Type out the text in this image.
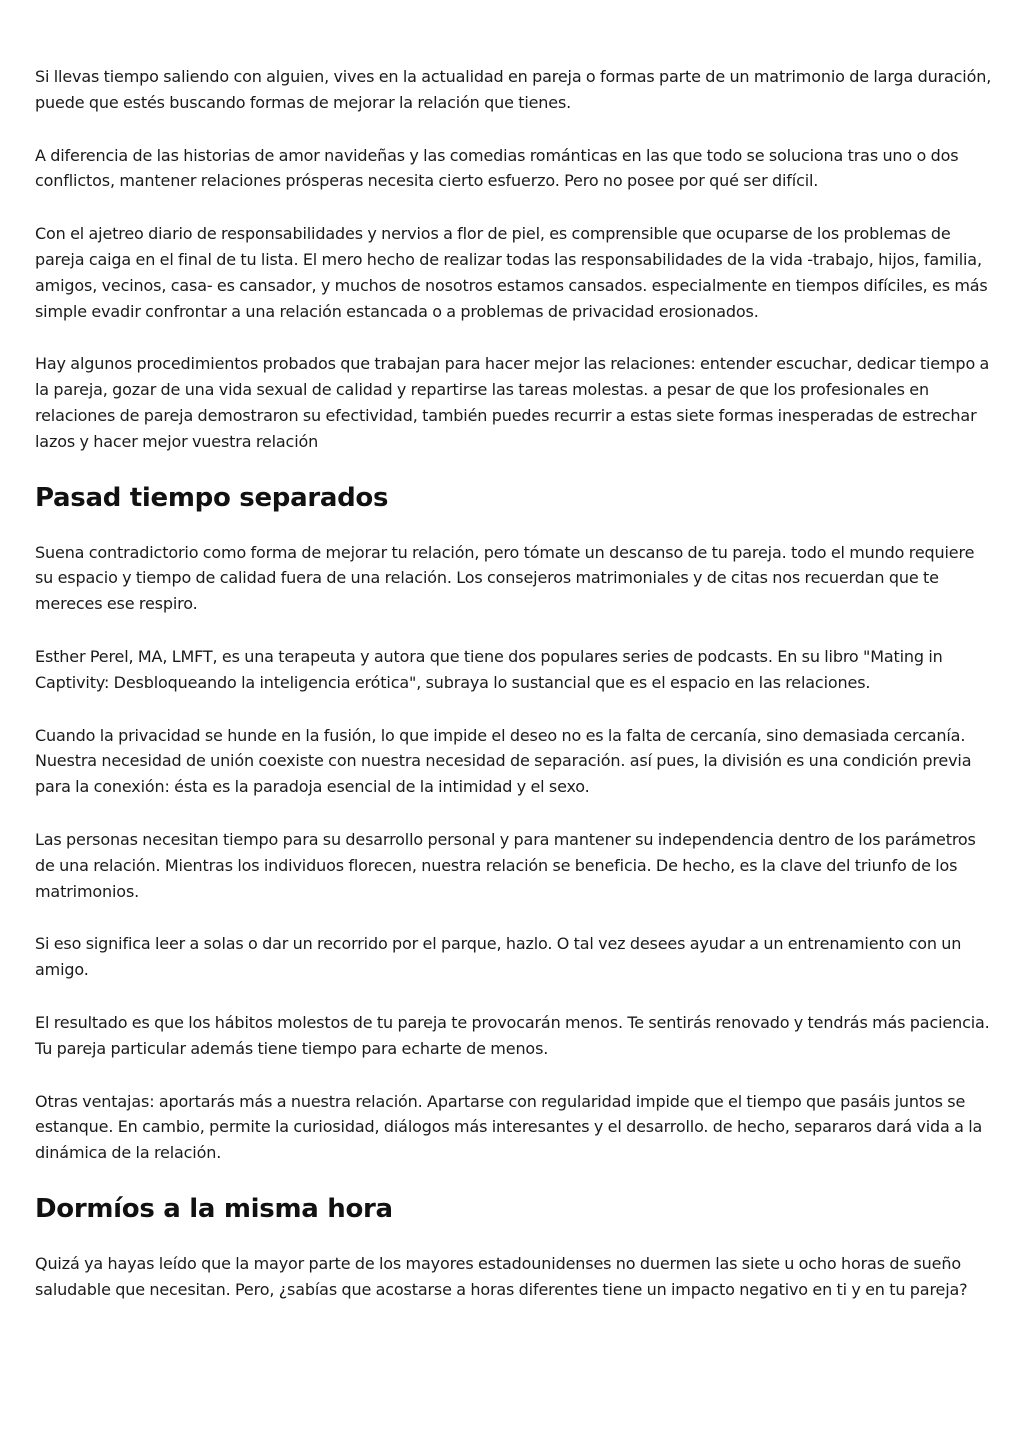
Si llevas tiempo saliendo con alguien, vives en la actualidad en pareja o formas parte de un matrimonio de larga duración, puede que estés buscando formas de mejorar la relación que tienes.

A diferencia de las historias de amor navideñas y las comedias románticas en las que todo se soluciona tras uno o dos conflictos, mantener relaciones prósperas necesita cierto esfuerzo. Pero no posee por qué ser difícil.

Con el ajetreo diario de responsabilidades y nervios a flor de piel, es comprensible que ocuparse de los problemas de pareja caiga en el final de tu lista. El mero hecho de realizar todas las responsabilidades de la vida -trabajo, hijos, familia, amigos, vecinos, casa- es cansador, y muchos de nosotros estamos cansados. especialmente en tiempos difíciles, es más simple evadir confrontar a una relación estancada o a problemas de privacidad erosionados.

Hay algunos procedimientos probados que trabajan para hacer mejor las relaciones: entender escuchar, dedicar tiempo a la pareja, gozar de una vida sexual de calidad y repartirse las tareas molestas. a pesar de que los profesionales en relaciones de pareja demostraron su efectividad, también puedes recurrir a estas siete formas inesperadas de estrechar lazos y hacer mejor vuestra relación

Pasad tiempo separados

Suena contradictorio como forma de mejorar tu relación, pero tómate un descanso de tu pareja. todo el mundo requiere su espacio y tiempo de calidad fuera de una relación. Los consejeros matrimoniales y de citas nos recuerdan que te mereces ese respiro.

Esther Perel, MA, LMFT, es una terapeuta y autora que tiene dos populares series de podcasts. En su libro "Mating in Captivity: Desbloqueando la inteligencia erótica", subraya lo sustancial que es el espacio en las relaciones.

Cuando la privacidad se hunde en la fusión, lo que impide el deseo no es la falta de cercanía, sino demasiada cercanía. Nuestra necesidad de unión coexiste con nuestra necesidad de separación. así pues, la división es una condición previa para la conexión: ésta es la paradoja esencial de la intimidad y el sexo.

Las personas necesitan tiempo para su desarrollo personal y para mantener su independencia dentro de los parámetros de una relación. Mientras los individuos florecen, nuestra relación se beneficia. De hecho, es la clave del triunfo de los matrimonios.

Si eso significa leer a solas o dar un recorrido por el parque, hazlo. O tal vez desees ayudar a un entrenamiento con un amigo.

El resultado es que los hábitos molestos de tu pareja te provocarán menos. Te sentirás renovado y tendrás más paciencia. Tu pareja particular además tiene tiempo para echarte de menos.

Otras ventajas: aportarás más a nuestra relación. Apartarse con regularidad impide que el tiempo que pasáis juntos se estanque. En cambio, permite la curiosidad, diálogos más interesantes y el desarrollo. de hecho, separaros dará vida a la dinámica de la relación.

Dormíos a la misma hora

Quizá ya hayas leído que la mayor parte de los mayores estadounidenses no duermen las siete u ocho horas de sueño saludable que necesitan. Pero, ¿sabías que acostarse a horas diferentes tiene un impacto negativo en ti y en tu pareja?
